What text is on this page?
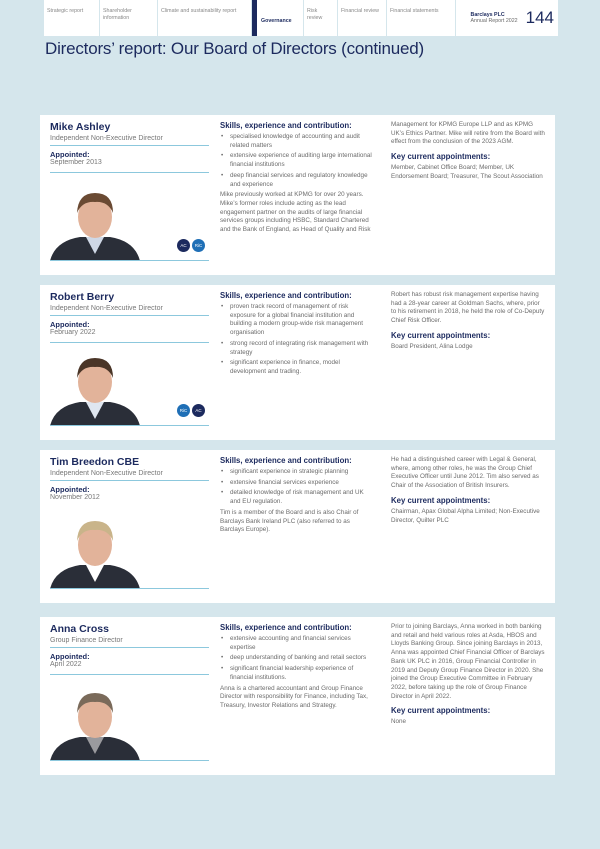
Strategic report	Shareholder information
Climate and sustainability report
Governance
Risk review
Financial review	Financial statements
Barclays PLC
Annual Report 2022 144
Directors’ report: Our Board of Directors (continued)
Mike Ashley
Independent Non-Executive Director
Appointed:
September 2013
AC	RiC
Skills, experience and contribution:
• specialised knowledge of accounting and audit related matters
• extensive experience of auditing large international financial institutions
• deep financial services and regulatory knowledge and experience
Mike previously worked at KPMG for over 20 years. Mike’s former roles include acting as the lead engagement partner on the audits of large financial services groups including HSBC, Standard Chartered and the Bank of England, as Head of Quality and Risk
Management for KPMG Europe LLP and as KPMG UK’s Ethics Partner. Mike will retire from the Board with effect from the conclusion of the 2023 AGM.
Key current appointments:
Member, Cabinet Office Board; Member, UK Endorsement Board; Treasurer, The Scout Association
Robert Berry
Independent Non-Executive Director
Appointed:
February 2022
RiC	AC
Skills, experience and contribution:
• proven track record of management of risk exposure for a global financial institution and building a modern group-wide risk management organisation
• strong record of integrating risk management with strategy
• significant experience in finance, model development and trading.
Robert has robust risk management expertise having had a 28-year career at Goldman Sachs, where, prior to his retirement in 2018, he held the role of Co-Deputy Chief Risk Officer.
Key current appointments:
Board President, Alina Lodge
Tim Breedon CBE
Independent Non-Executive Director
Appointed:
November 2012
Skills, experience and contribution:
• significant experience in strategic planning
• extensive financial services experience
• detailed knowledge of risk management and UK and EU regulation.
Tim is a member of the Board and is also Chair of Barclays Bank Ireland PLC (also referred to as Barclays Europe).
He had a distinguished career with Legal & General, where, among other roles, he was the Group Chief Executive Officer until June 2012. Tim also served as Chair of the Association of British Insurers.
Key current appointments:
Chairman, Apax Global Alpha Limited; Non-Executive Director, Quilter PLC
Anna Cross
Group Finance Director
Appointed:
April 2022
Skills, experience and contribution:
• extensive accounting and financial services expertise
• deep understanding of banking and retail sectors
• significant financial leadership experience of financial institutions.
Anna is a chartered accountant and Group Finance Director with responsibility for Finance, including Tax, Treasury, Investor Relations and Strategy.
Prior to joining Barclays, Anna worked in both banking and retail and held various roles at Asda, HBOS and Lloyds Banking Group. Since joining Barclays in 2013, Anna was appointed Chief Financial Officer of Barclays Bank UK PLC in 2016, Group Financial Controller in 2019 and Deputy Group Finance Director in 2020. She joined the Group Executive Committee in February 2022, before taking up the role of Group Finance Director in April 2022.
Key current appointments:
None
